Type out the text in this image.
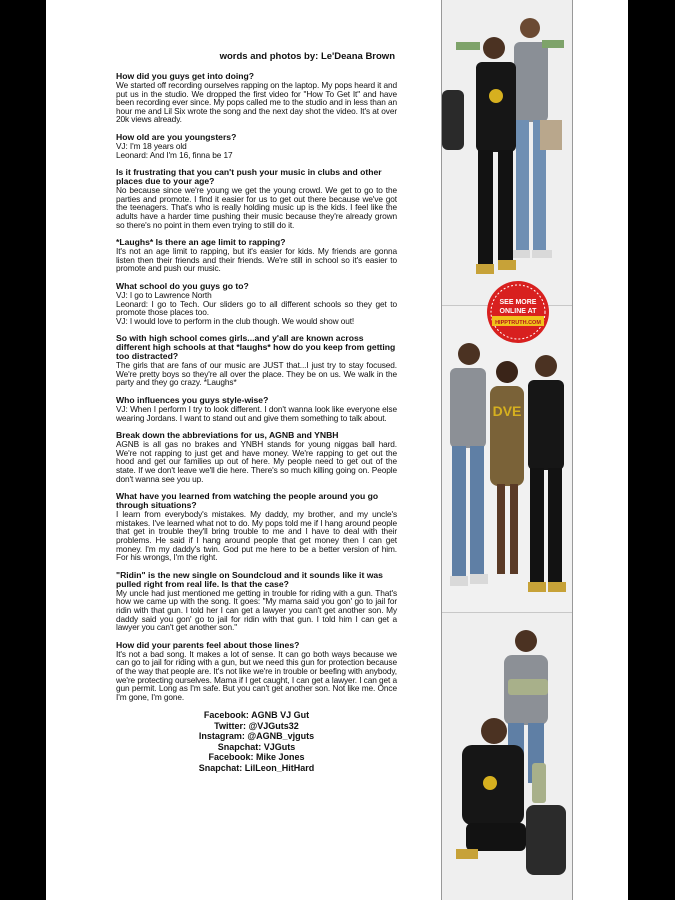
words and photos by: Le'Deana Brown
How did you guys get into doing?
We started off recording ourselves rapping on the laptop. My pops heard it and put us in the studio. We dropped the first video for "How To Get It" and have been recording ever since. My pops called me to the studio and in less than an hour me and Lil Six wrote the song and the next day shot the video. It's at over 20k views already.
How old are you youngsters?
VJ: I'm 18 years old
Leonard: And I'm 16, finna be 17
Is it frustrating that you can't push your music in clubs and other places due to your age?
No because since we're young we get the young crowd. We get to go to the parties and promote. I find it easier for us to get out there because we've got the teenagers. That's who is really holding music up is the kids. I feel like the adults have a harder time pushing their music because they're already grown so there's no point in them even trying to still do it.
*Laughs* Is there an age limit to rapping?
It's not an age limit to rapping, but it's easier for kids. My friends are gonna listen then their friends and their friends. We're still in school so it's easier to promote and push our music.
What school do you guys go to?
VJ: I go to Lawrence North
Leonard: I go to Tech. Our sliders go to all different schools so they get to promote those places too.
VJ: I would love to perform in the club though. We would show out!
So with high school comes girls...and y'all are known across different high schools at that *laughs* how do you keep from getting too distracted?
The girls that are fans of our music are JUST that...I just try to stay focused. We're pretty boys so they're all over the place. They be on us. We walk in the party and they go crazy. *Laughs*
Who influences you guys style-wise?
VJ: When I perform I try to look different. I don't wanna look like everyone else wearing Jordans. I want to stand out and give them something to talk about.
Break down the abbreviations for us, AGNB and YNBH
AGNB is all gas no brakes and YNBH stands for young niggas ball hard. We're not rapping to just get and have money. We're rapping to get out the hood and get our families up out of here. My people need to get out of the state. If we don't leave we'll die here. There's so much killing going on. People don't wanna see you up.
What have you learned from watching the people around you go through situations?
I learn from everybody's mistakes. My daddy, my brother, and my uncle's mistakes. I've learned what not to do. My pops told me if I hang around people that get in trouble they'll bring trouble to me and I have to deal with their problems. He said if I hang around people that get money then I can get money. I'm my daddy's twin. God put me here to be a better version of him. For his wrongs, I'm the right.
"Ridin" is the new single on Soundcloud and it sounds like it was pulled right from real life. Is that the case?
My uncle had just mentioned me getting in trouble for riding with a gun. That's how we came up with the song. It goes: "My mama said you gon' go to jail for ridin with that gun. I told her I can get a lawyer you can't get another son. My daddy said you gon' go to jail for ridin with that gun. I told him I can get a lawyer you can't get another son."
How did your parents feel about those lines?
It's not a bad song. It makes a lot of sense. It can go both ways because we can go to jail for riding with a gun, but we need this gun for protection because of the way that people are. It's not like we're in trouble or beefing with anybody, we're protecting ourselves. Mama if I get caught, I can get a lawyer. I can get a gun permit. Long as I'm safe. But you can't get another son. Not like me. Once I'm gone, I'm gone.
Facebook: AGNB VJ Gut
Twitter: @VJGuts32
Instagram: @AGNB_vjguts
Snapchat: VJGuts
Facebook: Mike Jones
Snapchat: LilLeon_HitHard
DVE
SEE MORE
ONLINE AT
HIPPTRUTH.COM
